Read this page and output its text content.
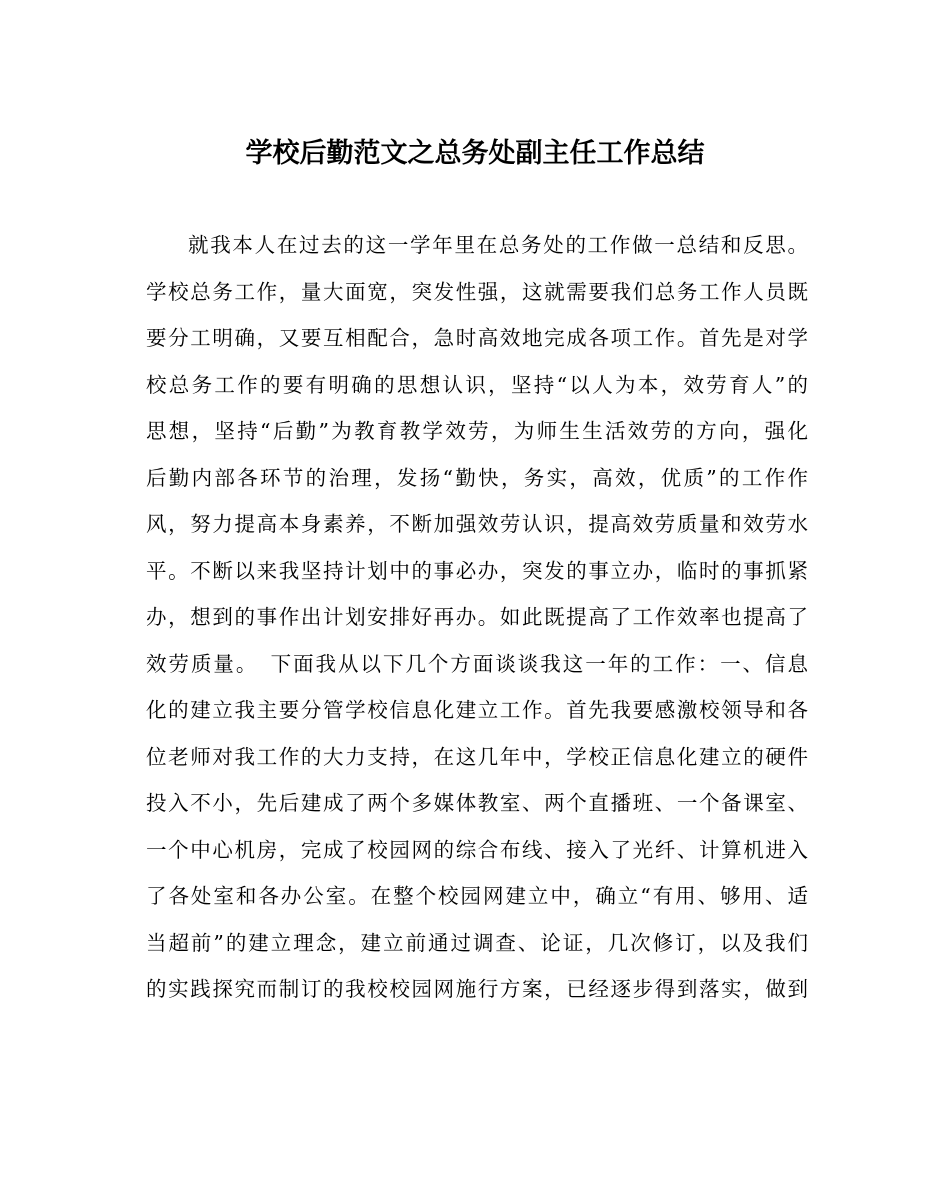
学校后勤范文之总务处副主任工作总结
就我本人在过去的这一学年里在总务处的工作做一总结和反思。
学校总务工作，量大面宽，突发性强，这就需要我们总务工作人员既
要分工明确，又要互相配合，急时高效地完成各项工作。首先是对学
校总务工作的要有明确的思想认识，坚持“以人为本，效劳育人”的
思想，坚持“后勤”为教育教学效劳，为师生生活效劳的方向，强化
后勤内部各环节的治理，发扬“勤快，务实，高效，优质”的工作作
风，努力提高本身素养，不断加强效劳认识，提高效劳质量和效劳水
平。不断以来我坚持计划中的事必办，突发的事立办，临时的事抓紧
办，想到的事作出计划安排好再办。如此既提高了工作效率也提高了
效劳质量。　下面我从以下几个方面谈谈我这一年的工作：一、信息
化的建立我主要分管学校信息化建立工作。首先我要感激校领导和各
位老师对我工作的大力支持，在这几年中，学校正信息化建立的硬件
投入不小，先后建成了两个多媒体教室、两个直播班、一个备课室、
一个中心机房，完成了校园网的综合布线、接入了光纤、计算机进入
了各处室和各办公室。在整个校园网建立中，确立“有用、够用、适
当超前”的建立理念，建立前通过调查、论证，几次修订，以及我们
的实践探究而制订的我校校园网施行方案，已经逐步得到落实，做到
